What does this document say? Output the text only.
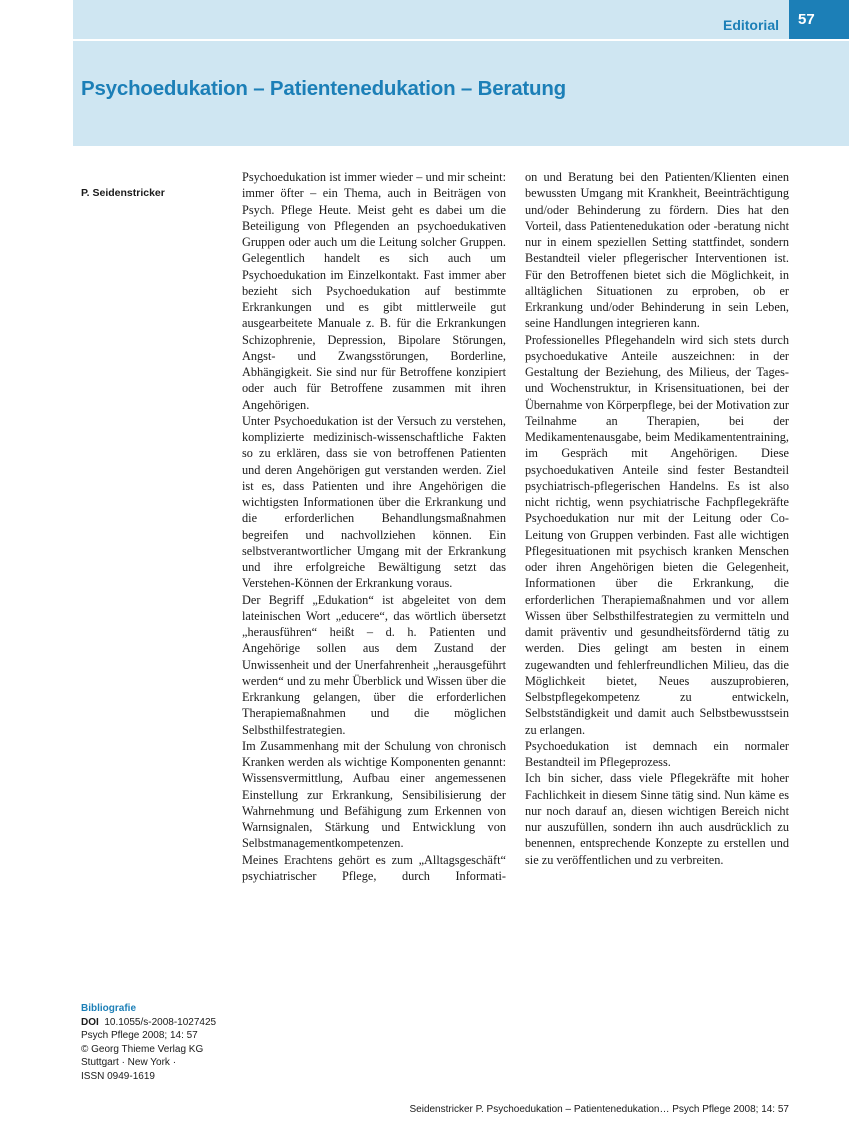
Editorial	57
Psychoedukation – Patientenedukation – Beratung
P. Seidenstricker

Psychoedukation ist immer wieder – und mir scheint: immer öfter – ein Thema, auch in Beiträgen von Psych. Pflege Heute. Meist geht es dabei um die Beteiligung von Pflegenden an psychoedukativen Gruppen oder auch um die Leitung solcher Gruppen. Gelegentlich handelt es sich auch um Psychoedukation im Einzelkontakt. Fast immer aber bezieht sich Psychoedukation auf bestimmte Erkrankungen und es gibt mittlerweile gut ausgearbeitete Manuale z. B. für die Erkrankungen Schizophrenie, Depression, Bipolare Störungen, Angst- und Zwangsstörungen, Borderline, Abhängigkeit. Sie sind nur für Betroffene konzipiert oder auch für Betroffene zusammen mit ihren Angehörigen.

Unter Psychoedukation ist der Versuch zu verstehen, komplizierte medizinisch-wissenschaftliche Fakten so zu erklären, dass sie von betroffenen Patienten und deren Angehörigen gut verstanden werden. Ziel ist es, dass Patienten und ihre Angehörigen die wichtigsten Informationen über die Erkrankung und die erforderlichen Behandlungsmaßnahmen begreifen und nachvollziehen können. Ein selbstverantwortlicher Umgang mit der Erkrankung und ihre erfolgreiche Bewältigung setzt das Verstehen-Können der Erkrankung voraus.

Der Begriff „Edukation“ ist abgeleitet von dem lateinischen Wort „educere“, das wörtlich übersetzt „herausführen“ heißt – d. h. Patienten und Angehörige sollen aus dem Zustand der Unwissenheit und der Unerfahrenheit „herausgeführt werden“ und zu mehr Überblick und Wissen über die Erkrankung gelangen, über die erforderlichen Therapiemaßnahmen und die möglichen Selbsthilfestrategien.

Im Zusammenhang mit der Schulung von chronisch Kranken werden als wichtige Komponenten genannt: Wissensvermittlung, Aufbau einer angemessenen Einstellung zur Erkrankung, Sensibilisierung der Wahrnehmung und Befähigung zum Erkennen von Warnsignalen, Stärkung und Entwicklung von Selbstmanagementkompetenzen.

Meines Erachtens gehört es zum „Alltagsgeschäft“ psychiatrischer Pflege, durch Informati-

on und Beratung bei den Patienten/Klienten einen bewussten Umgang mit Krankheit, Beeinträchtigung und/oder Behinderung zu fördern. Dies hat den Vorteil, dass Patientenedukation oder -beratung nicht nur in einem speziellen Setting stattfindet, sondern Bestandteil vieler pflegerischer Interventionen ist. Für den Betroffenen bietet sich die Möglichkeit, in alltäglichen Situationen zu erproben, ob er Erkrankung und/oder Behinderung in sein Leben, seine Handlungen integrieren kann.

Professionelles Pflegehandeln wird sich stets durch psychoedukative Anteile auszeichnen: in der Gestaltung der Beziehung, des Milieus, der Tages- und Wochenstruktur, in Krisensituationen, bei der Übernahme von Körperpflege, bei der Motivation zur Teilnahme an Therapien, bei der Medikamentenausgabe, beim Medikamententraining, im Gespräch mit Angehörigen. Diese psychoedukativen Anteile sind fester Bestandteil psychiatrisch-pflegerischen Handelns. Es ist also nicht richtig, wenn psychiatrische Fachpflegekräfte Psychoedukation nur mit der Leitung oder Co-Leitung von Gruppen verbinden. Fast alle wichtigen Pflegesituationen mit psychisch kranken Menschen oder ihren Angehörigen bieten die Gelegenheit, Informationen über die Erkrankung, die erforderlichen Therapiemaßnahmen und vor allem Wissen über Selbsthilfestrategien zu vermitteln und damit präventiv und gesundheitsfördernd tätig zu werden. Dies gelingt am besten in einem zugewandten und fehlerfreundlichen Milieu, das die Möglichkeit bietet, Neues auszuprobieren, Selbstpflegekompetenz zu entwickeln, Selbstständigkeit und damit auch Selbstbewusstsein zu erlangen.

Psychoedukation ist demnach ein normaler Bestandteil im Pflegeprozess.

Ich bin sicher, dass viele Pflegekräfte mit hoher Fachlichkeit in diesem Sinne tätig sind. Nun käme es nur noch darauf an, diesen wichtigen Bereich nicht nur auszufüllen, sondern ihn auch ausdrücklich zu benennen, entsprechende Konzepte zu erstellen und sie zu veröffentlichen und zu verbreiten.

Bibliografie
DOI 10.1055/s-2008-1027425
Psych Pflege 2008; 14: 57
© Georg Thieme Verlag KG
Stuttgart · New York ·
ISSN 0949-1619
Seidenstricker P. Psychoedukation – Patientenedukation… Psych Pflege 2008; 14: 57
